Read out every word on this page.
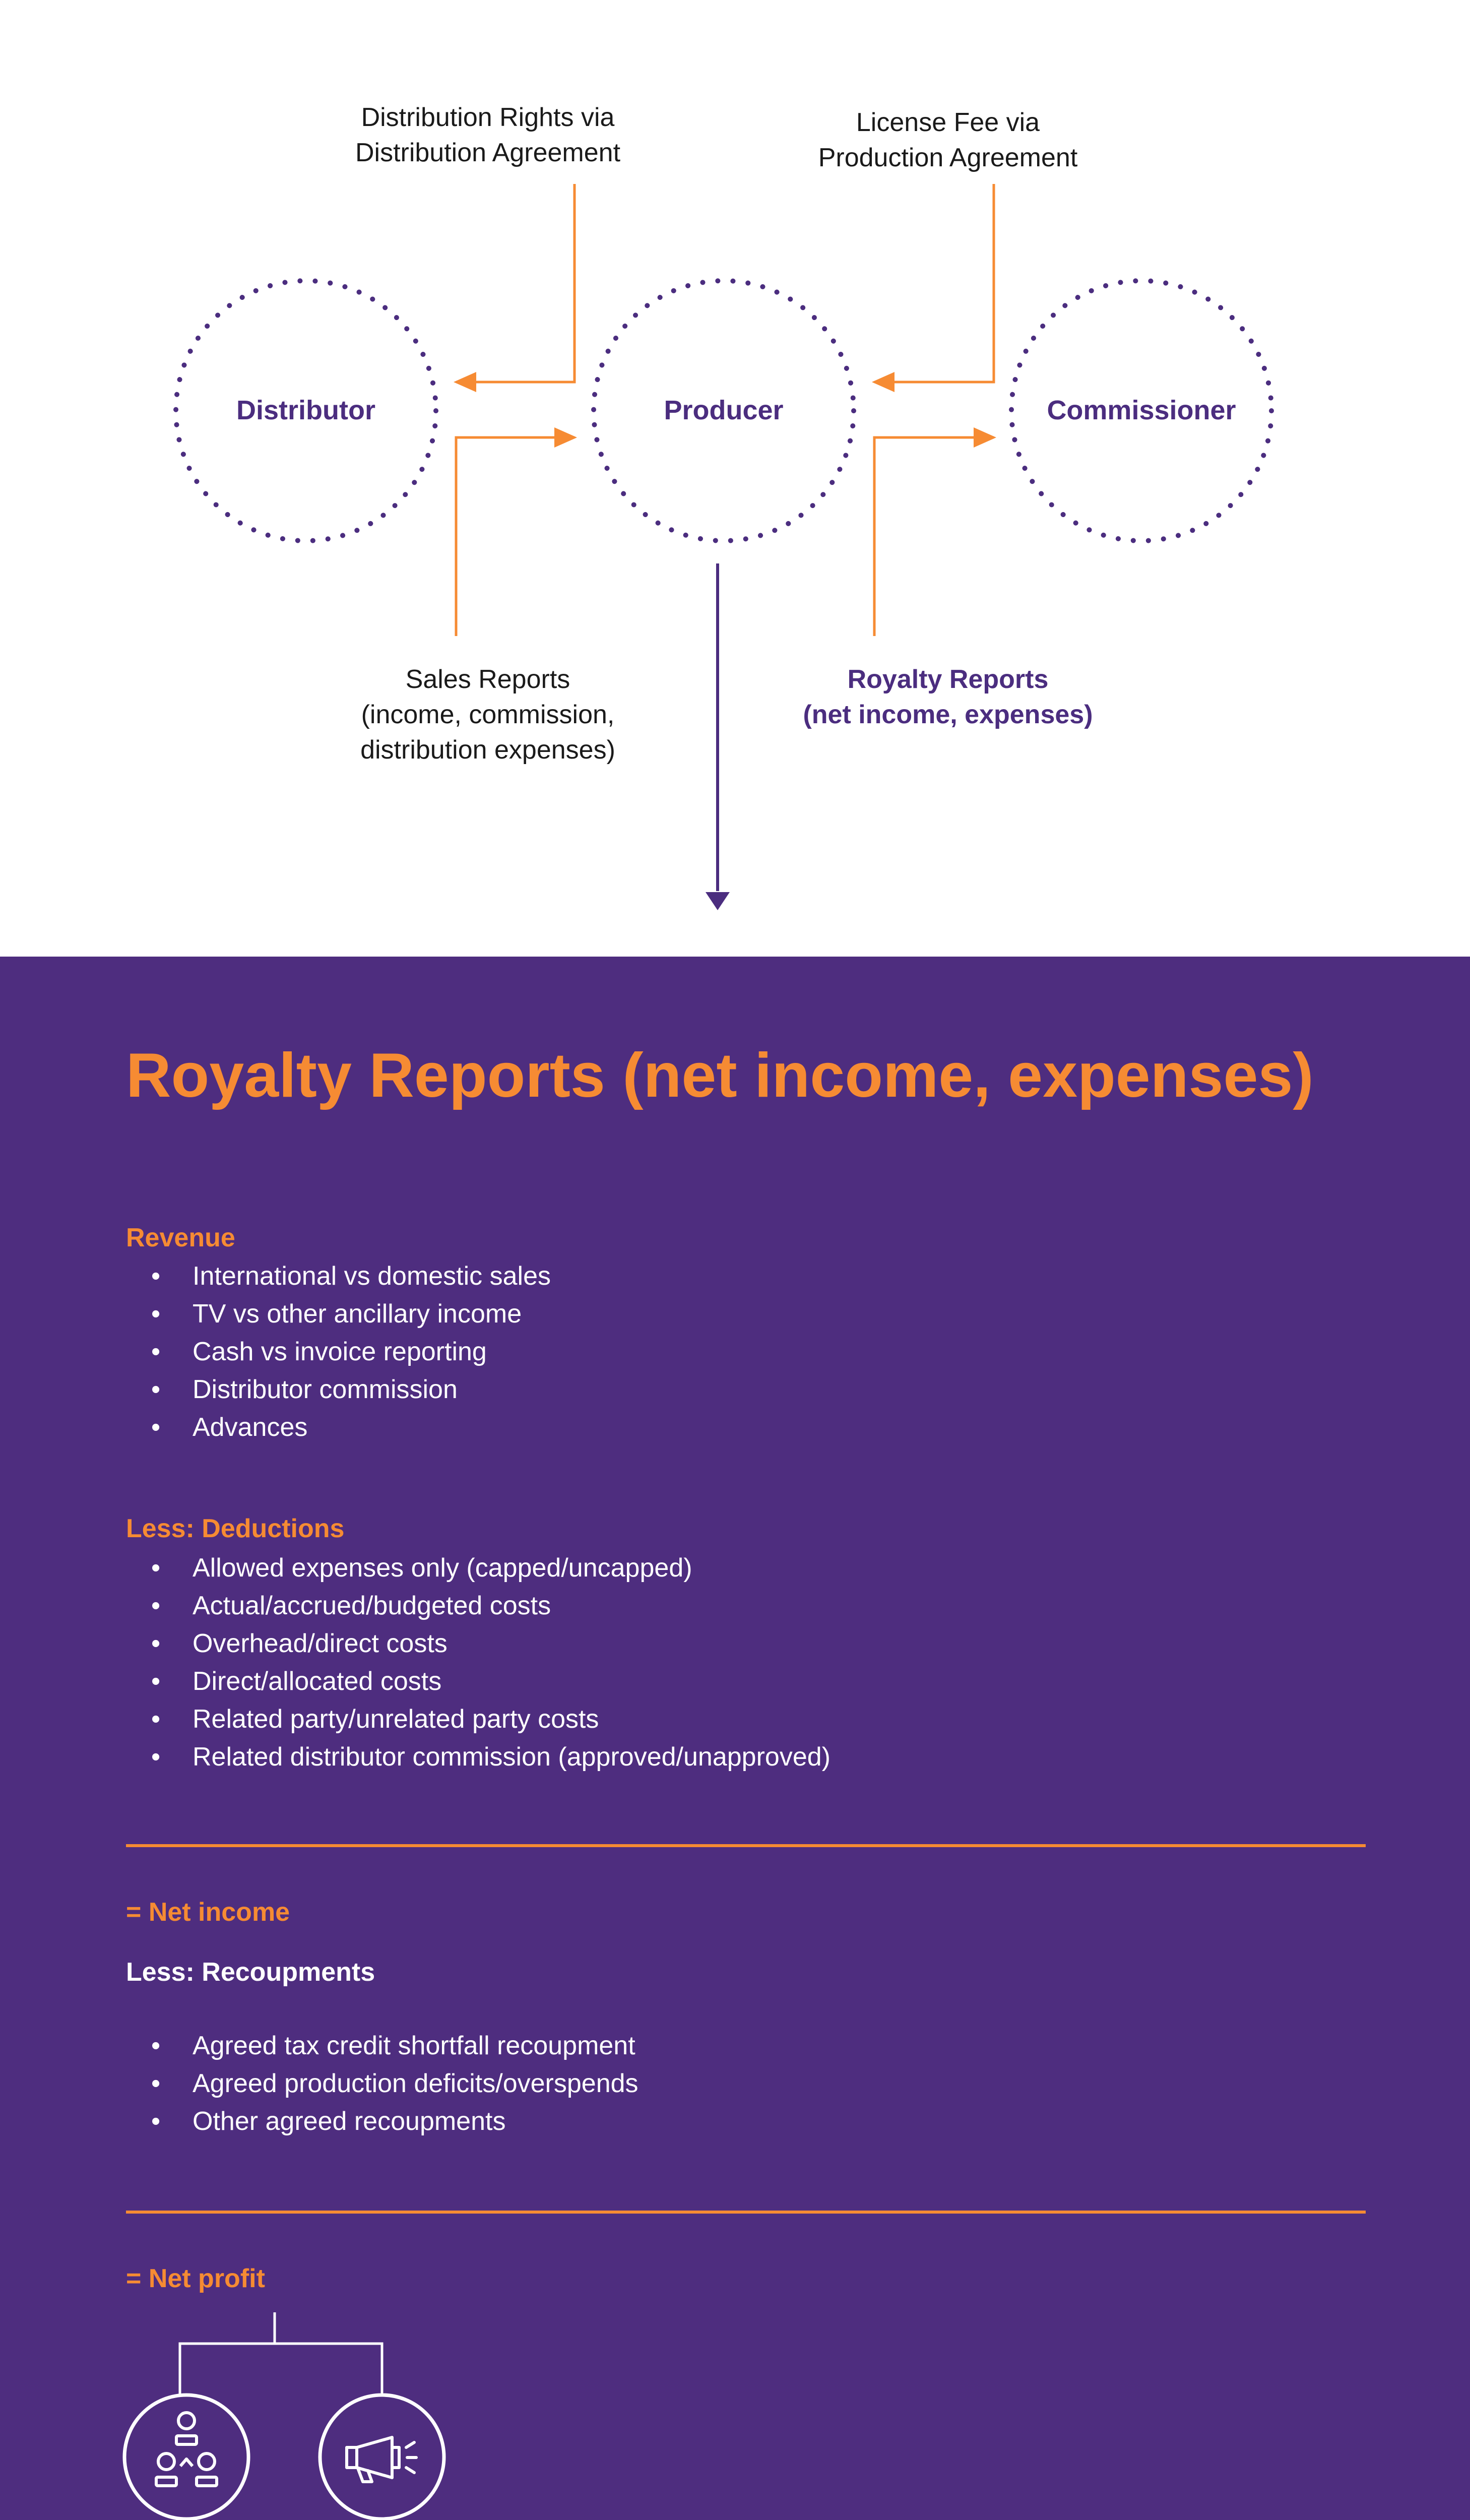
Distributor	Producer	Commissioner
Distribution Rights via
Distribution Agreement
License Fee via
Production Agreement
Sales Reports
(income, commission,
distribution expenses)
Royalty Reports
(net income, expenses)
Royalty Reports (net income, expenses)
Revenue
• International vs domestic sales
• TV vs other ancillary income
• Cash vs invoice reporting
• Distributor commission
• Advances
Less: Deductions
• Allowed expenses only (capped/uncapped)
• Actual/accrued/budgeted costs
• Overhead/direct costs
• Direct/allocated costs
• Related party/unrelated party costs
• Related distributor commission (approved/unapproved)
= Net income
Less: Recoupments
• Agreed tax credit shortfall recoupment
• Agreed production deficits/overspends
• Other agreed recoupments
= Net profit
